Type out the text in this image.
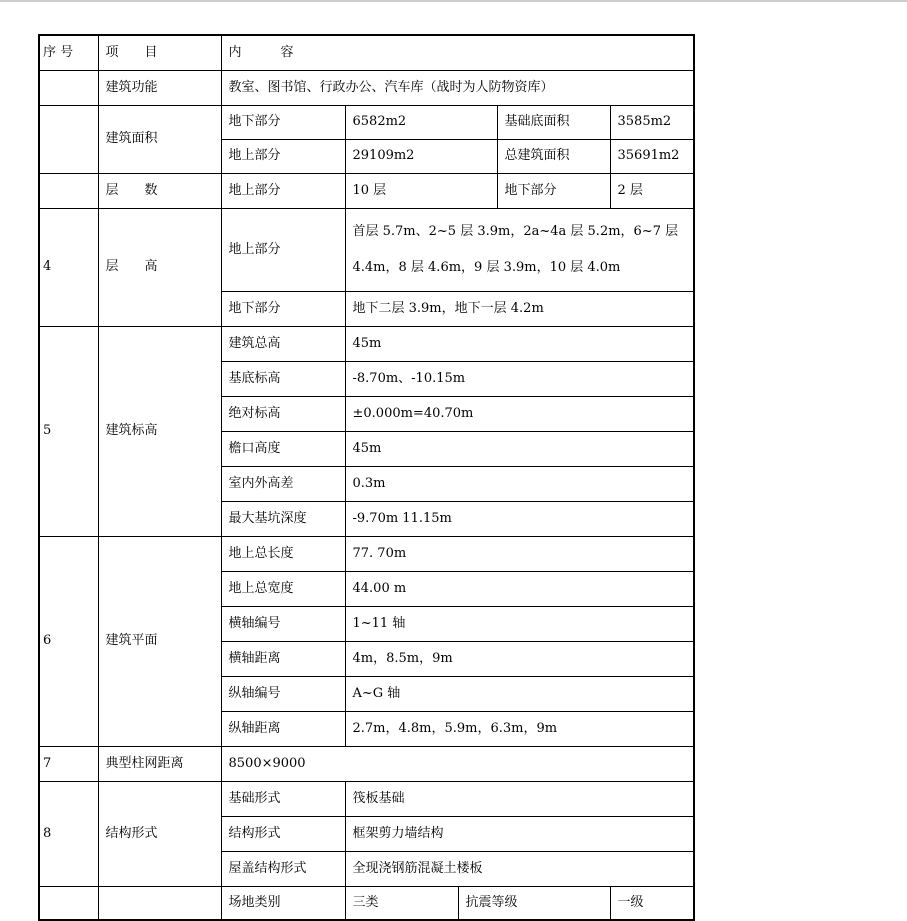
序 号	项　　目	内　　　容				
	建筑功能	教室、图书馆、行政办公、汽车库（战时为人防物资库）				
	建筑面积	地下部分	6582m2		基础底面积	3585m2
		地上部分	29109m2		总建筑面积	35691m2
	层　　数	地上部分	10 层		地下部分	2 层
4	层　　高	地上部分	首层 5.7m、2~5 层 3.9m，2a~4a 层 5.2m，6~7 层 4.4m，8 层 4.6m，9 层 3.9m，10 层 4.0m			
		地下部分	地下二层 3.9m，地下一层 4.2m			
5	建筑标高	建筑总高	45m			
		基底标高	-8.70m、-10.15m			
		绝对标高	±0.000m=40.70m			
		檐口高度	45m			
		室内外高差	0.3m			
		最大基坑深度	-9.70m 11.15m			
6	建筑平面	地上总长度	77. 70m			
		地上总宽度	44.00 m			
		横轴编号	1~11 轴			
		横轴距离	4m，8.5m，9m			
		纵轴编号	A~G 轴			
		纵轴距离	2.7m，4.8m，5.9m，6.3m，9m			
7	典型柱网距离	8500×9000				
8	结构形式	基础形式	筏板基础			
		结构形式	框架剪力墙结构			
		屋盖结构形式	全现浇钢筋混凝土楼板			
		场地类别	三类	抗震等级		一级
